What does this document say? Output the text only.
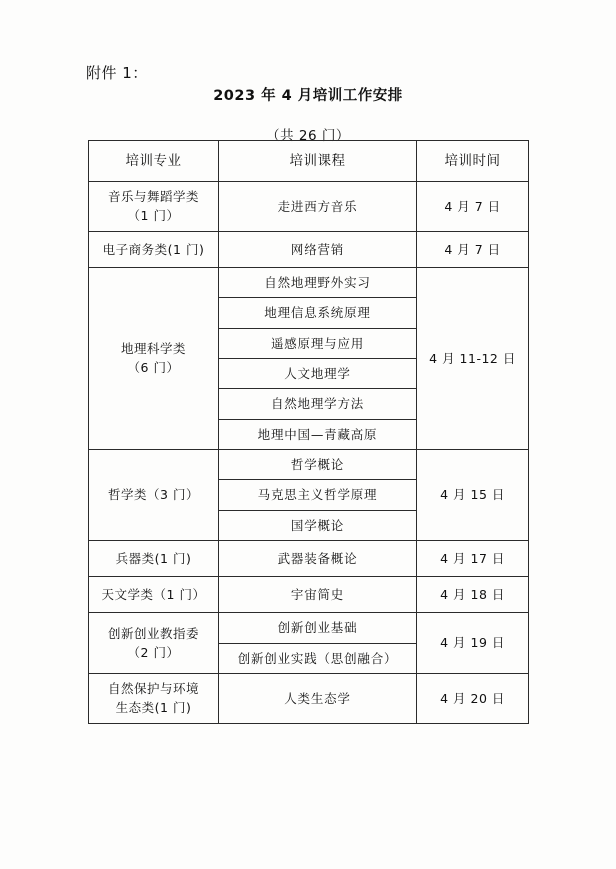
附件 1：
2023 年 4 月培训工作安排
（共 26 门）
培训专业	培训课程	培训时间

音乐与舞蹈学类
（1 门）	走进西方音乐	4 月 7 日

电子商务类(1 门)	网络营销	4 月 7 日

地理科学类
（6 门）	自然地理野外实习	4 月 11-12 日
	地理信息系统原理	
	遥感原理与应用	
	人文地理学	
	自然地理学方法	
	地理中国—青藏高原	

哲学类（3 门）	哲学概论	4 月 15 日
	马克思主义哲学原理	
	国学概论	

兵器类(1 门)	武器装备概论	4 月 17 日

天文学类（1 门）	宇宙简史	4 月 18 日

创新创业教指委
（2 门）	创新创业基础	4 月 19 日
	创新创业实践（思创融合）	

自然保护与环境
生态类(1 门)	人类生态学	4 月 20 日
